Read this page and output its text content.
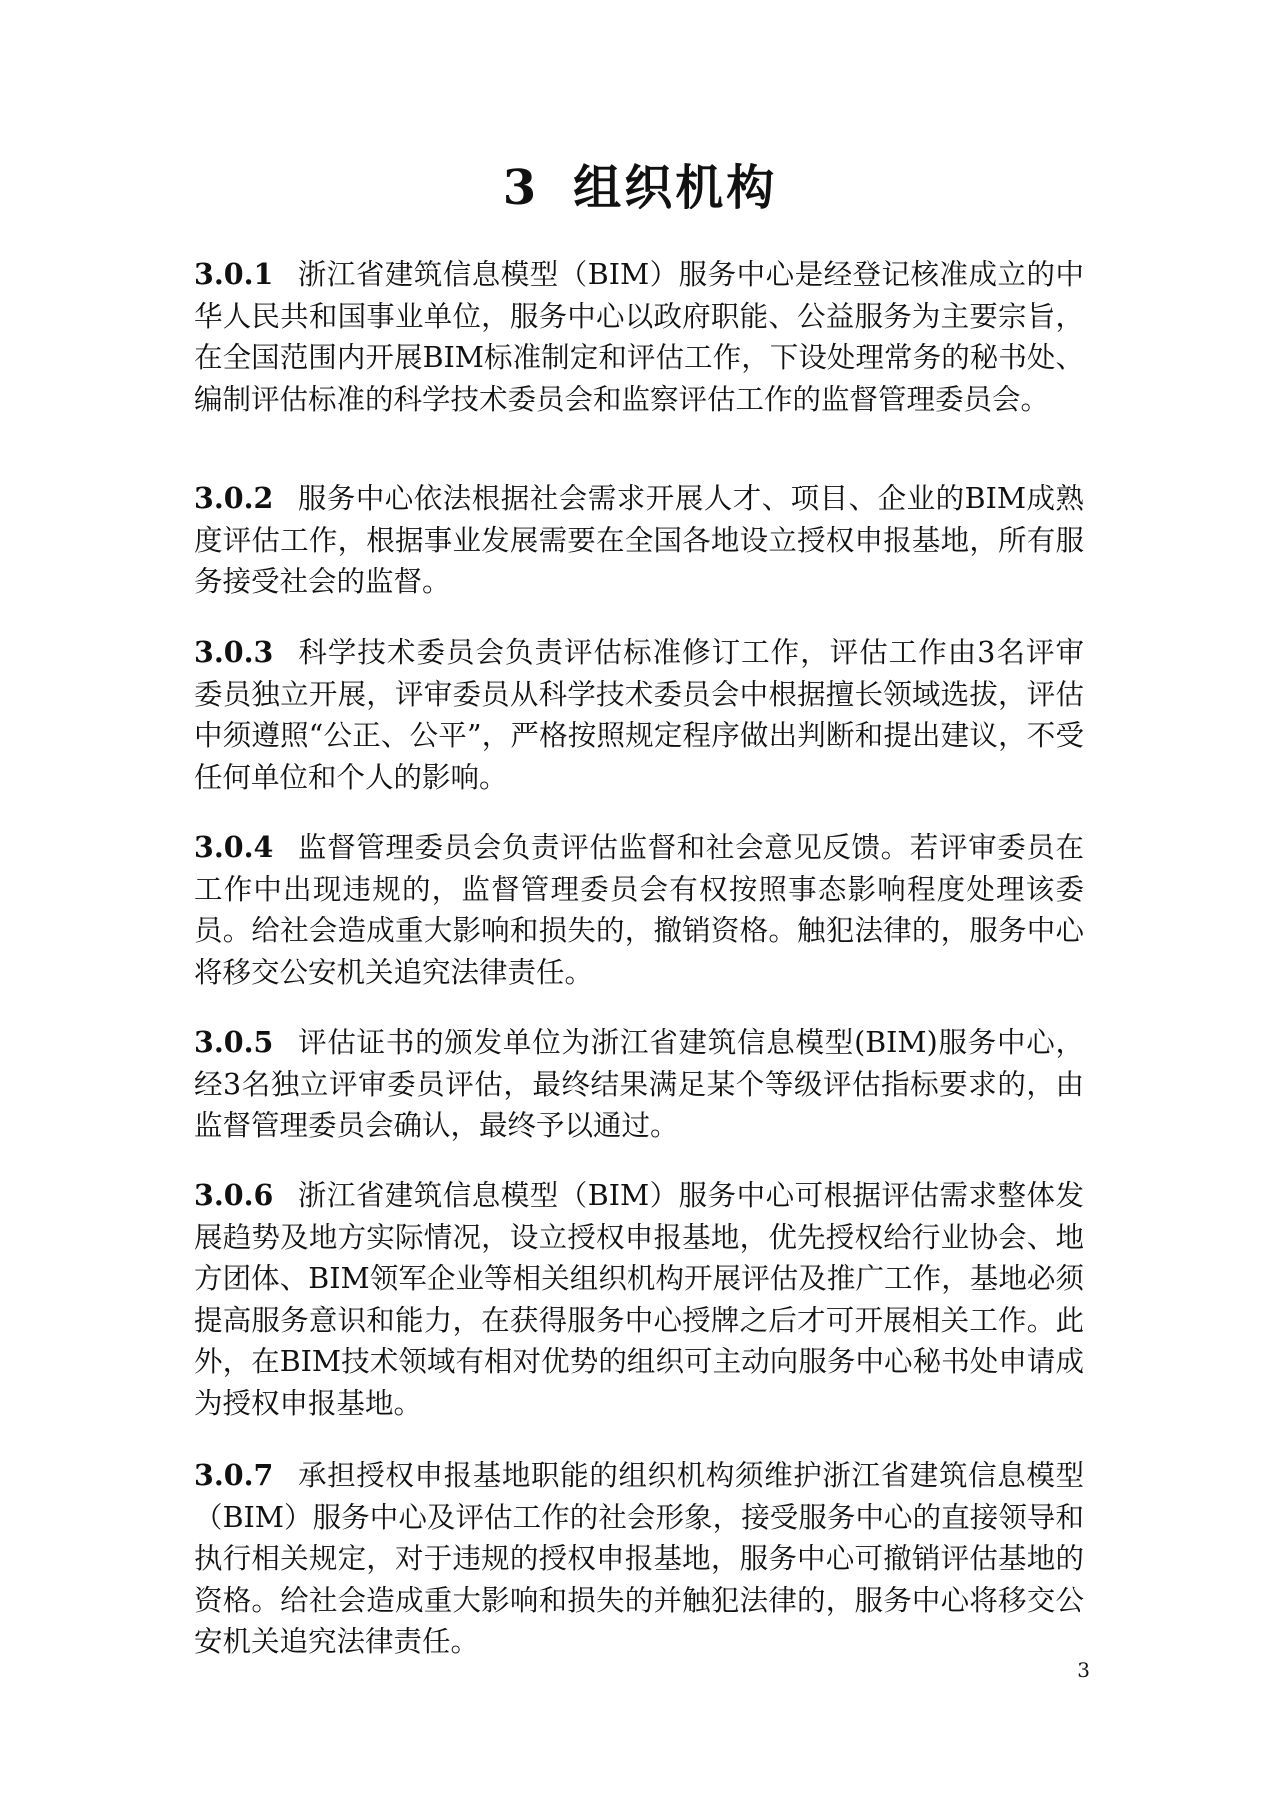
3 组织机构
3.0.1 浙江省建筑信息模型（BIM）服务中心是经登记核准成立的中华人民共和国事业单位，服务中心以政府职能、公益服务为主要宗旨，在全国范围内开展BIM标准制定和评估工作，下设处理常务的秘书处、编制评估标准的科学技术委员会和监察评估工作的监督管理委员会。
3.0.2 服务中心依法根据社会需求开展人才、项目、企业的BIM成熟度评估工作，根据事业发展需要在全国各地设立授权申报基地，所有服务接受社会的监督。
3.0.3 科学技术委员会负责评估标准修订工作，评估工作由3名评审委员独立开展，评审委员从科学技术委员会中根据擅长领域选拔，评估中须遵照“公正、公平”，严格按照规定程序做出判断和提出建议，不受任何单位和个人的影响。
3.0.4 监督管理委员会负责评估监督和社会意见反馈。若评审委员在工作中出现违规的，监督管理委员会有权按照事态影响程度处理该委员。给社会造成重大影响和损失的，撤销资格。触犯法律的，服务中心将移交公安机关追究法律责任。
3.0.5 评估证书的颁发单位为浙江省建筑信息模型(BIM)服务中心，经3名独立评审委员评估，最终结果满足某个等级评估指标要求的，由监督管理委员会确认，最终予以通过。
3.0.6 浙江省建筑信息模型（BIM）服务中心可根据评估需求整体发展趋势及地方实际情况，设立授权申报基地，优先授权给行业协会、地方团体、BIM领军企业等相关组织机构开展评估及推广工作，基地必须提高服务意识和能力，在获得服务中心授牌之后才可开展相关工作。此外，在BIM技术领域有相对优势的组织可主动向服务中心秘书处申请成为授权申报基地。
3.0.7 承担授权申报基地职能的组织机构须维护浙江省建筑信息模型（BIM）服务中心及评估工作的社会形象，接受服务中心的直接领导和执行相关规定，对于违规的授权申报基地，服务中心可撤销评估基地的资格。给社会造成重大影响和损失的并触犯法律的，服务中心将移交公安机关追究法律责任。
3
